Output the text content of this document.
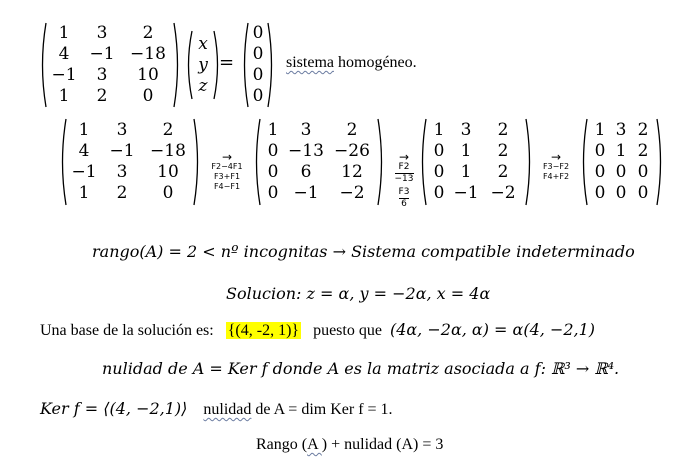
1	3	2
4	−1 −18
−1	3	10
1	2	0
x
y
z
=
0
0
0
0
sistema homogéneo.
1	3	2
4	−1 −18
−1	3	10
1	2	0
→
F2−4F1
F3+F1
F4−F1
1	3	2
0 −13 −26
0	6	12
0 −1	−2
→
$\frac{F2}{-13}$
$\frac{F3}{6}$
1 3	2
0 1	2
0 1	2
0 −1 −2
→
F3−F2
F4+F2
1 3 2
0 1 2
0 0 0
0 0 0
rango(A) = 2 < nº incognitas → Sistema compatible indeterminado
Solucion: z = α, y = −2α, x = 4α
Una base de la solución es: {(4, -2, 1)} puesto que (4α, −2α, α) = α(4, −2,1)
nulidad de A = Ker f donde A es la matriz asociada a f: ℝ³ → ℝ⁴.
Ker f = ⟨(4, −2,1)⟩ nulidad de A = dim Ker f = 1.
Rango (A ) + nulidad (A) = 3
